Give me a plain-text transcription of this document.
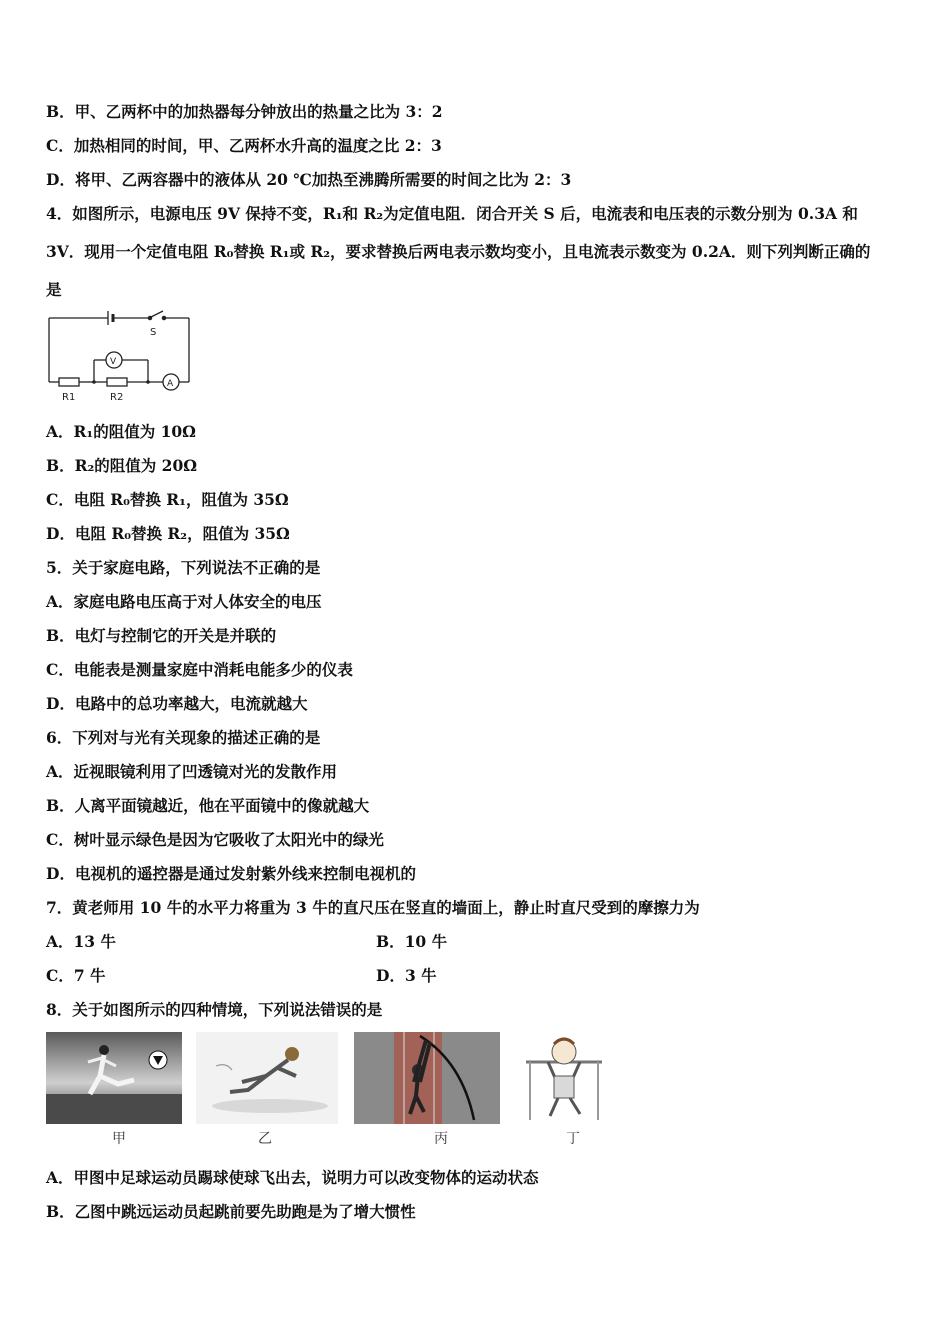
B．甲、乙两杯中的加热器每分钟放出的热量之比为 3：2
C．加热相同的时间，甲、乙两杯水升高的温度之比 2：3
D．将甲、乙两容器中的液体从 20 ℃加热至沸腾所需要的时间之比为 2：3
4．如图所示，电源电压 9V 保持不变，R₁和 R₂为定值电阻．闭合开关 S 后，电流表和电压表的示数分别为 0.3A 和
3V．现用一个定值电阻 R₀替换 R₁或 R₂，要求替换后两电表示数均变小，且电流表示数变为 0.2A．则下列判断正确的
是
S
V
A
R1	R2
A．R₁的阻值为 10Ω
B．R₂的阻值为 20Ω
C．电阻 R₀替换 R₁，阻值为 35Ω
D．电阻 R₀替换 R₂，阻值为 35Ω
5．关于家庭电路，下列说法不正确的是
A．家庭电路电压高于对人体安全的电压
B．电灯与控制它的开关是并联的
C．电能表是测量家庭中消耗电能多少的仪表
D．电路中的总功率越大，电流就越大
6．下列对与光有关现象的描述正确的是
A．近视眼镜利用了凹透镜对光的发散作用
B．人离平面镜越近，他在平面镜中的像就越大
C．树叶显示绿色是因为它吸收了太阳光中的绿光
D．电视机的遥控器是通过发射紫外线来控制电视机的
7．黄老师用 10 牛的水平力将重为 3 牛的直尺压在竖直的墙面上，静止时直尺受到的摩擦力为
A．13 牛	B．10 牛
C．7 牛	D．3 牛
8．关于如图所示的四种情境，下列说法错误的是
甲	乙	丙	丁
A．甲图中足球运动员踢球使球飞出去，说明力可以改变物体的运动状态
B．乙图中跳远运动员起跳前要先助跑是为了增大惯性
